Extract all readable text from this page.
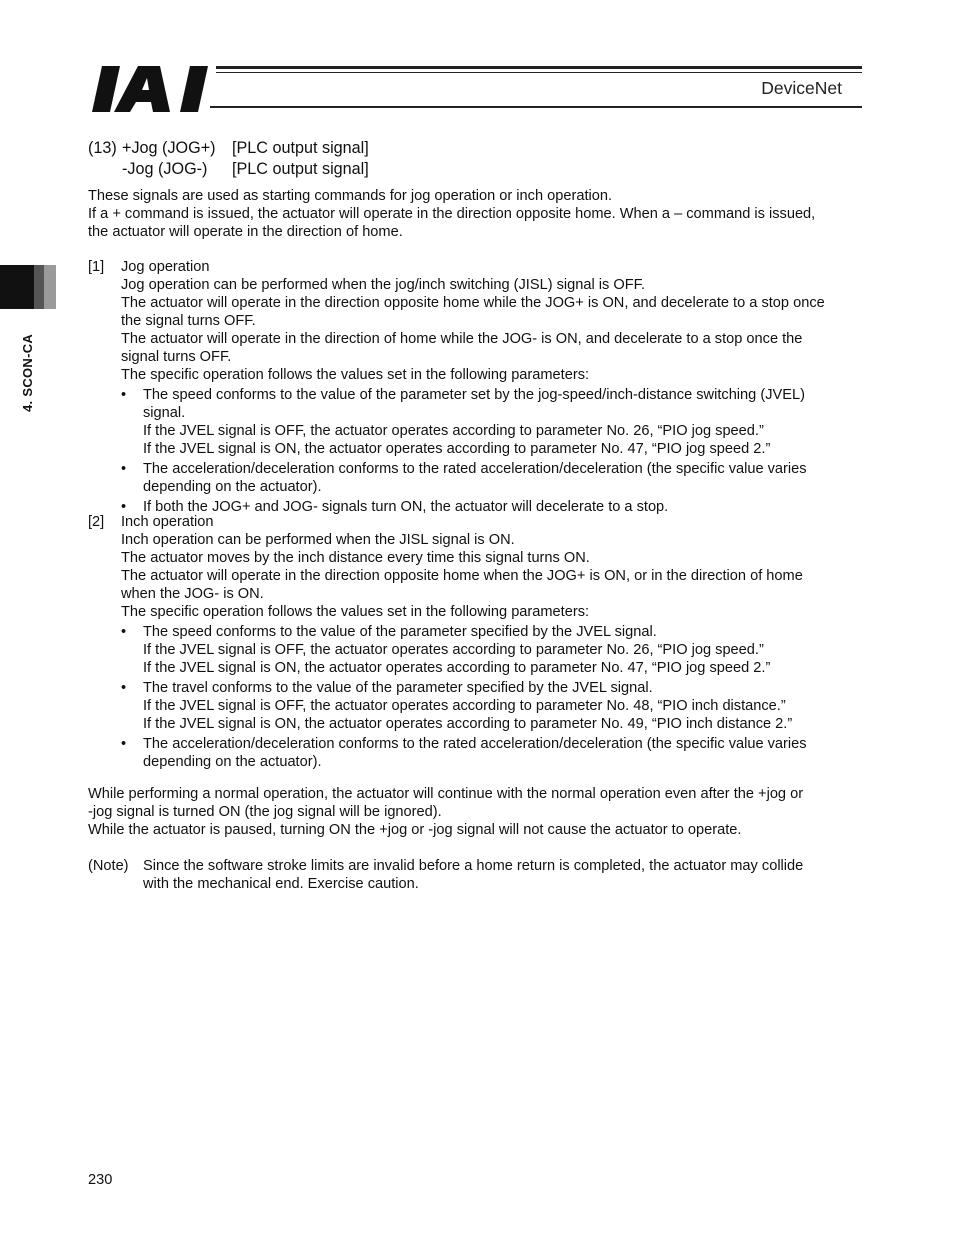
DeviceNet
4. SCON-CA
(13) +Jog (JOG+)	[PLC output signal]
-Jog (JOG-)	[PLC output signal]

These signals are used as starting commands for jog operation or inch operation.

If a + command is issued, the actuator will operate in the direction opposite home. When a – command is issued,

the actuator will operate in the direction of home.

[1]	Jog operation

Jog operation can be performed when the jog/inch switching (JISL) signal is OFF.

The actuator will operate in the direction opposite home while the JOG+ is ON, and decelerate to a stop once

the signal turns OFF.

The actuator will operate in the direction of home while the JOG- is ON, and decelerate to a stop once the

signal turns OFF.

The specific operation follows the values set in the following parameters:

•	The speed conforms to the value of the parameter set by the jog-speed/inch-distance switching (JVEL)
signal.
If the JVEL signal is OFF, the actuator operates according to parameter No. 26, “PIO jog speed.”
If the JVEL signal is ON, the actuator operates according to parameter No. 47, “PIO jog speed 2.”
•	The acceleration/deceleration conforms to the rated acceleration/deceleration (the specific value varies
depending on the actuator).
•	If both the JOG+ and JOG- signals turn ON, the actuator will decelerate to a stop.
[2]	Inch operation

Inch operation can be performed when the JISL signal is ON.

The actuator moves by the inch distance every time this signal turns ON.

The actuator will operate in the direction opposite home when the JOG+ is ON, or in the direction of home

when the JOG- is ON.

The specific operation follows the values set in the following parameters:

•	The speed conforms to the value of the parameter specified by the JVEL signal.
If the JVEL signal is OFF, the actuator operates according to parameter No. 26, “PIO jog speed.”
If the JVEL signal is ON, the actuator operates according to parameter No. 47, “PIO jog speed 2.”
•	The travel conforms to the value of the parameter specified by the JVEL signal.
If the JVEL signal is OFF, the actuator operates according to parameter No. 48, “PIO inch distance.”
If the JVEL signal is ON, the actuator operates according to parameter No. 49, “PIO inch distance 2.”
•	The acceleration/deceleration conforms to the rated acceleration/deceleration (the specific value varies
depending on the actuator).

While performing a normal operation, the actuator will continue with the normal operation even after the +jog or

-jog signal is turned ON (the jog signal will be ignored).

While the actuator is paused, turning ON the +jog or -jog signal will not cause the actuator to operate.

(Note) Since the software stroke limits are invalid before a home return is completed, the actuator may collide
with the mechanical end. Exercise caution.
230
